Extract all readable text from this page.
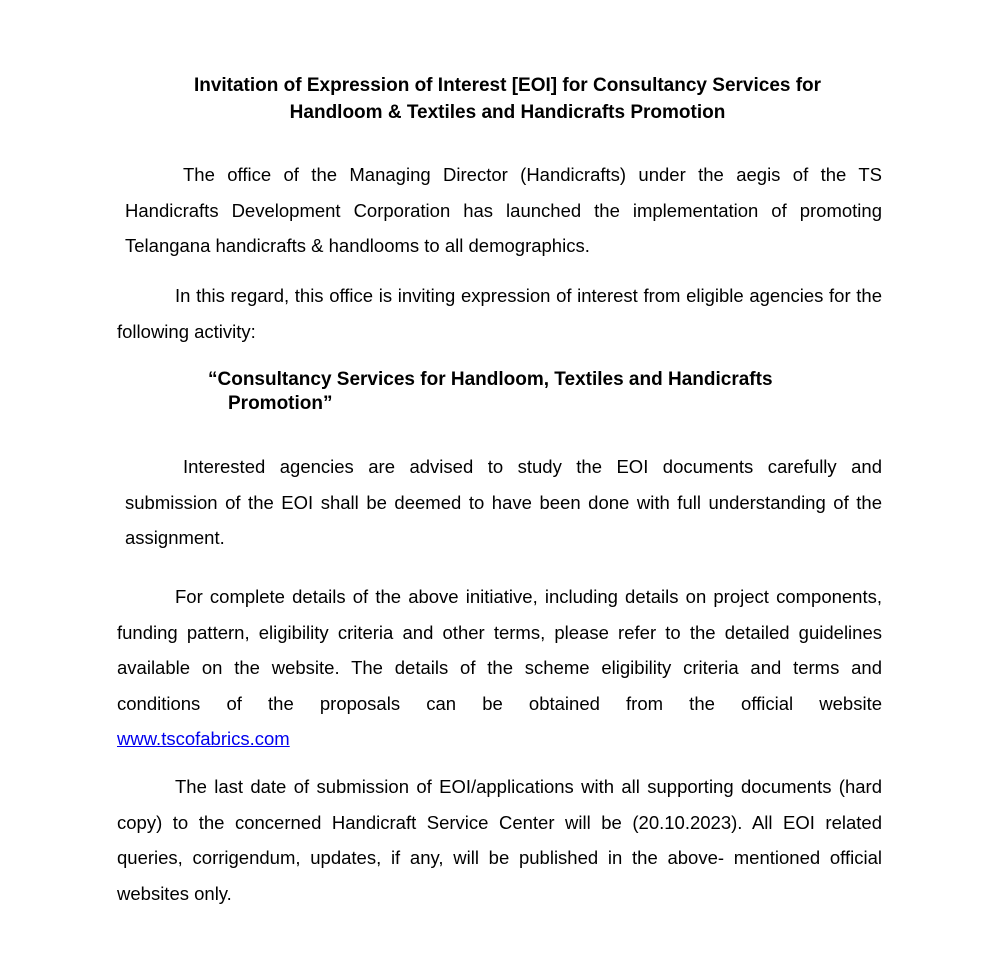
Invitation of Expression of Interest [EOI] for Consultancy Services for
Handloom & Textiles and Handicrafts Promotion

The office of the Managing Director (Handicrafts) under the aegis of the TS Handicrafts Development Corporation has launched the implementation of promoting Telangana handicrafts & handlooms to all demographics.

In this regard, this office is inviting expression of interest from eligible agencies for the following activity:

“Consultancy Services for Handloom, Textiles and Handicrafts
Promotion”

Interested agencies are advised to study the EOI documents carefully and submission of the EOI shall be deemed to have been done with full understanding of the assignment.

For complete details of the above initiative, including details on project components, funding pattern, eligibility criteria and other terms, please refer to the detailed guidelines available on the website. The details of the scheme eligibility criteria and terms and conditions of the proposals can be obtained from the official website
www.tscofabrics.com

The last date of submission of EOI/applications with all supporting documents (hard copy) to the concerned Handicraft Service Center will be (20.10.2023). All EOI related queries, corrigendum, updates, if any, will be published in the above- mentioned official websites only.
